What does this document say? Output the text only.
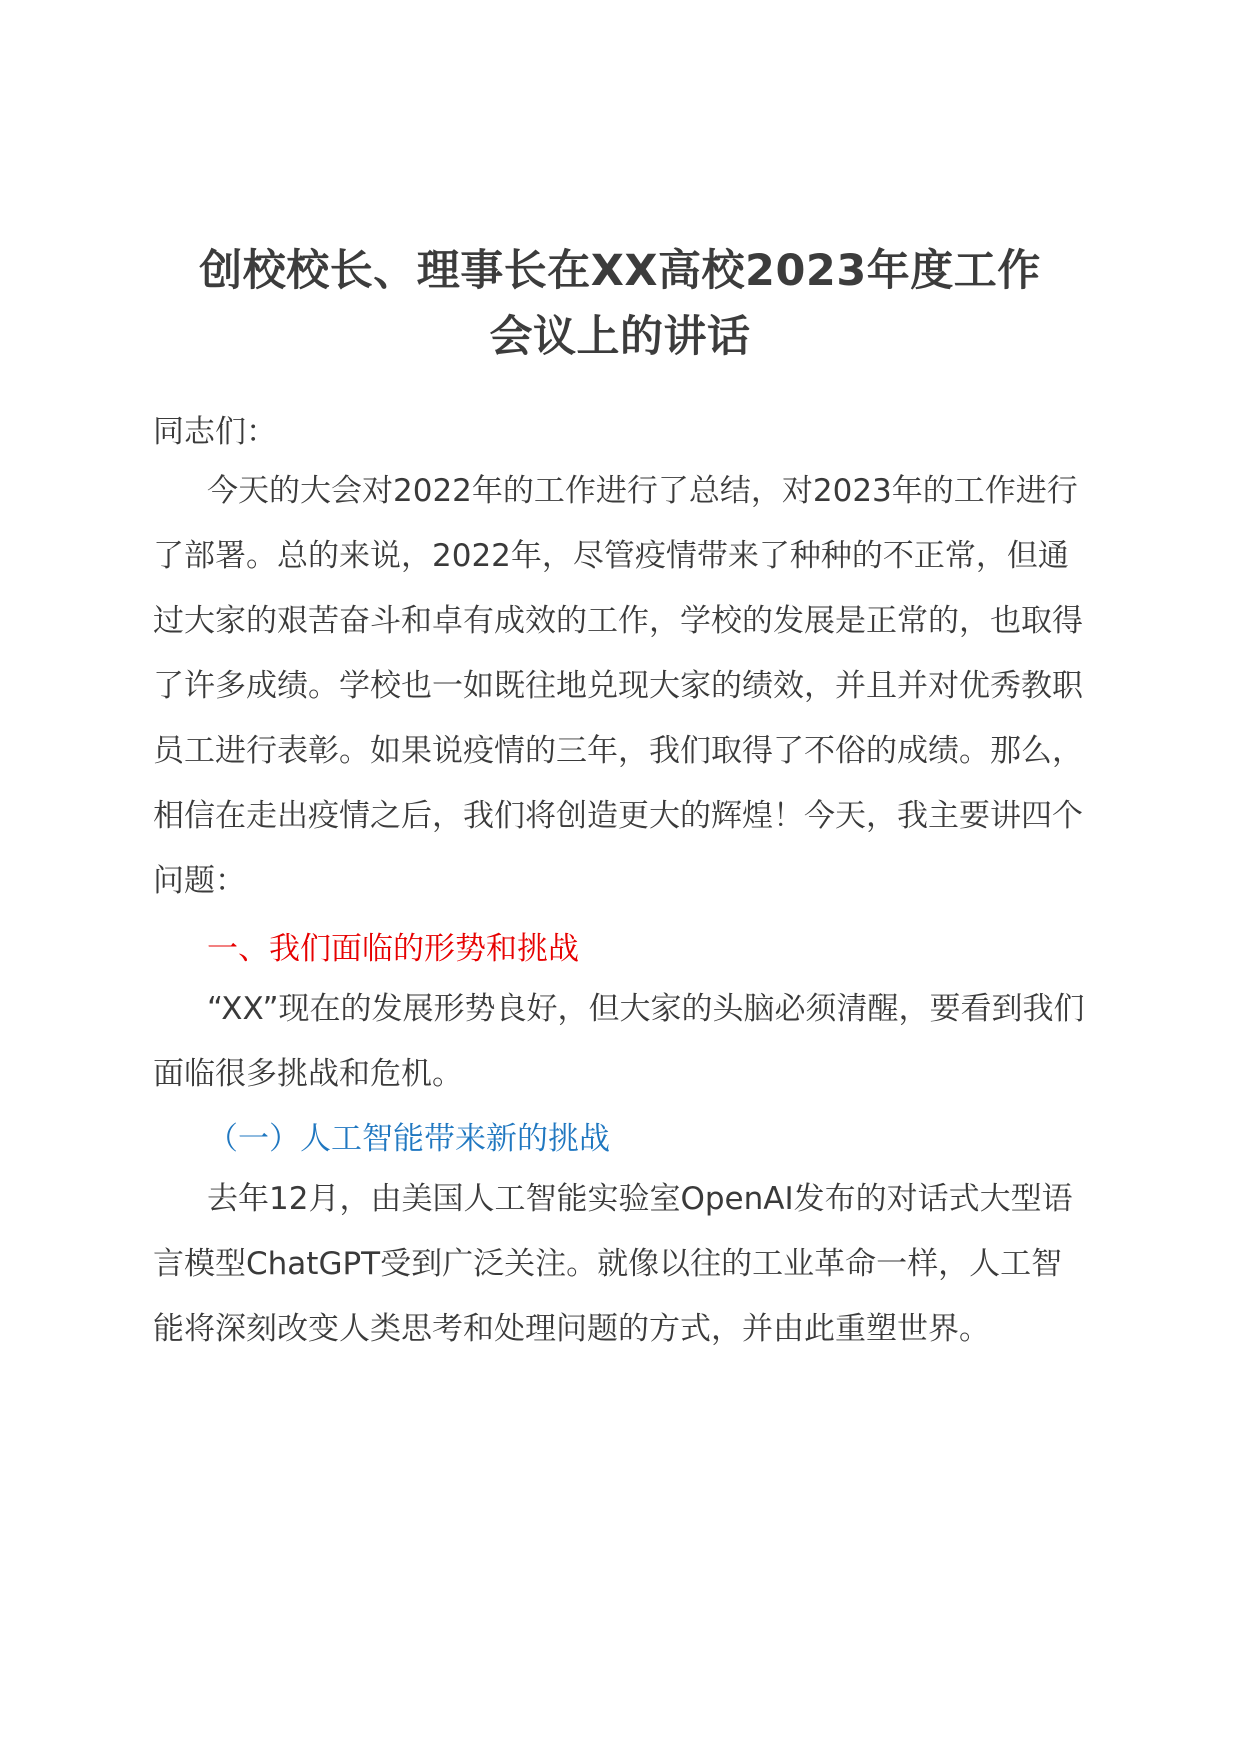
创校校长、理事长在XX高校2023年度工作
会议上的讲话
同志们：
今天的大会对2022年的工作进行了总结，对2023年的工作进行了部署。总的来说，2022年，尽管疫情带来了种种的不正常，但通过大家的艰苦奋斗和卓有成效的工作，学校的发展是正常的，也取得了许多成绩。学校也一如既往地兑现大家的绩效，并且并对优秀教职员工进行表彰。如果说疫情的三年，我们取得了不俗的成绩。那么，相信在走出疫情之后，我们将创造更大的辉煌！今天，我主要讲四个问题：
一、我们面临的形势和挑战
“XX”现在的发展形势良好，但大家的头脑必须清醒，要看到我们面临很多挑战和危机。
（一）人工智能带来新的挑战
去年12月，由美国人工智能实验室OpenAI发布的对话式大型语言模型ChatGPT受到广泛关注。就像以往的工业革命一样，人工智能将深刻改变人类思考和处理问题的方式，并由此重塑世界。
